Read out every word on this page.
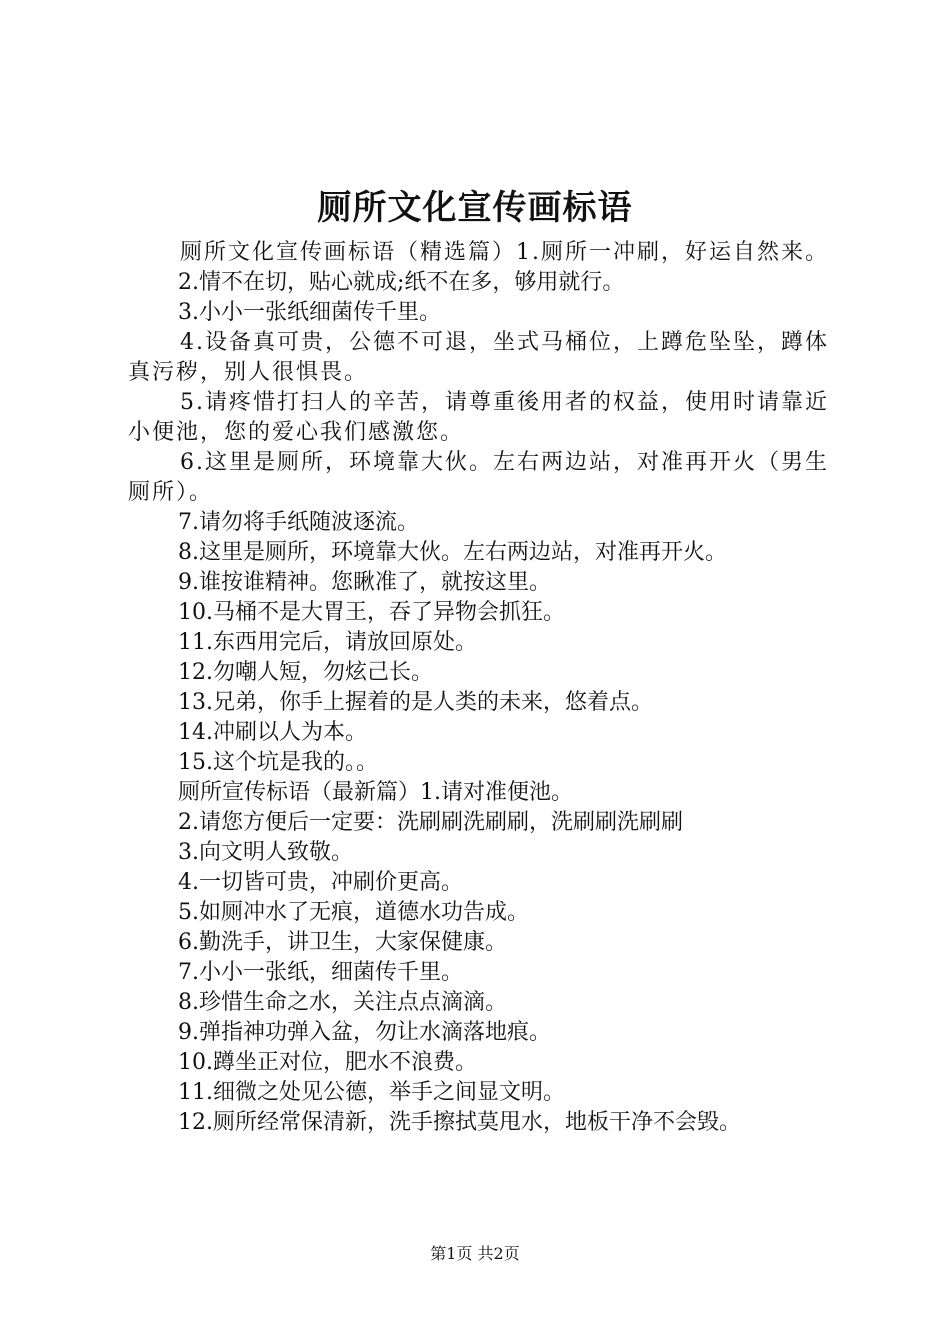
厕所文化宣传画标语

厕所文化宣传画标语（精选篇）1.厕所一冲刷，好运自然来。

2.情不在切，贴心就成;纸不在多，够用就行。

3.小小一张纸细菌传千里。

4.设备真可贵，公德不可退，坐式马桶位，上蹲危坠坠，蹲体真污秽，别人很惧畏。

5.请疼惜打扫人的辛苦，请尊重後用者的权益，使用时请靠近小便池，您的爱心我们感激您。

6.这里是厕所，环境靠大伙。左右两边站，对准再开火（男生厕所）。

7.请勿将手纸随波逐流。

8.这里是厕所，环境靠大伙。左右两边站，对准再开火。

9.谁按谁精神。您瞅准了，就按这里。

10.马桶不是大胃王，吞了异物会抓狂。

11.东西用完后，请放回原处。

12.勿嘲人短，勿炫己长。

13.兄弟，你手上握着的是人类的未来，悠着点。

14.冲刷以人为本。

15.这个坑是我的。。

厕所宣传标语（最新篇）1.请对准便池。

2.请您方便后一定要：洗刷刷洗刷刷，洗刷刷洗刷刷

3.向文明人致敬。

4.一切皆可贵，冲刷价更高。

5.如厕冲水了无痕，道德水功告成。

6.勤洗手，讲卫生，大家保健康。

7.小小一张纸，细菌传千里。

8.珍惜生命之水，关注点点滴滴。

9.弹指神功弹入盆，勿让水滴落地痕。

10.蹲坐正对位，肥水不浪费。

11.细微之处见公德，举手之间显文明。

12.厕所经常保清新，洗手擦拭莫甩水，地板干净不会毁。

第1页 共2页
